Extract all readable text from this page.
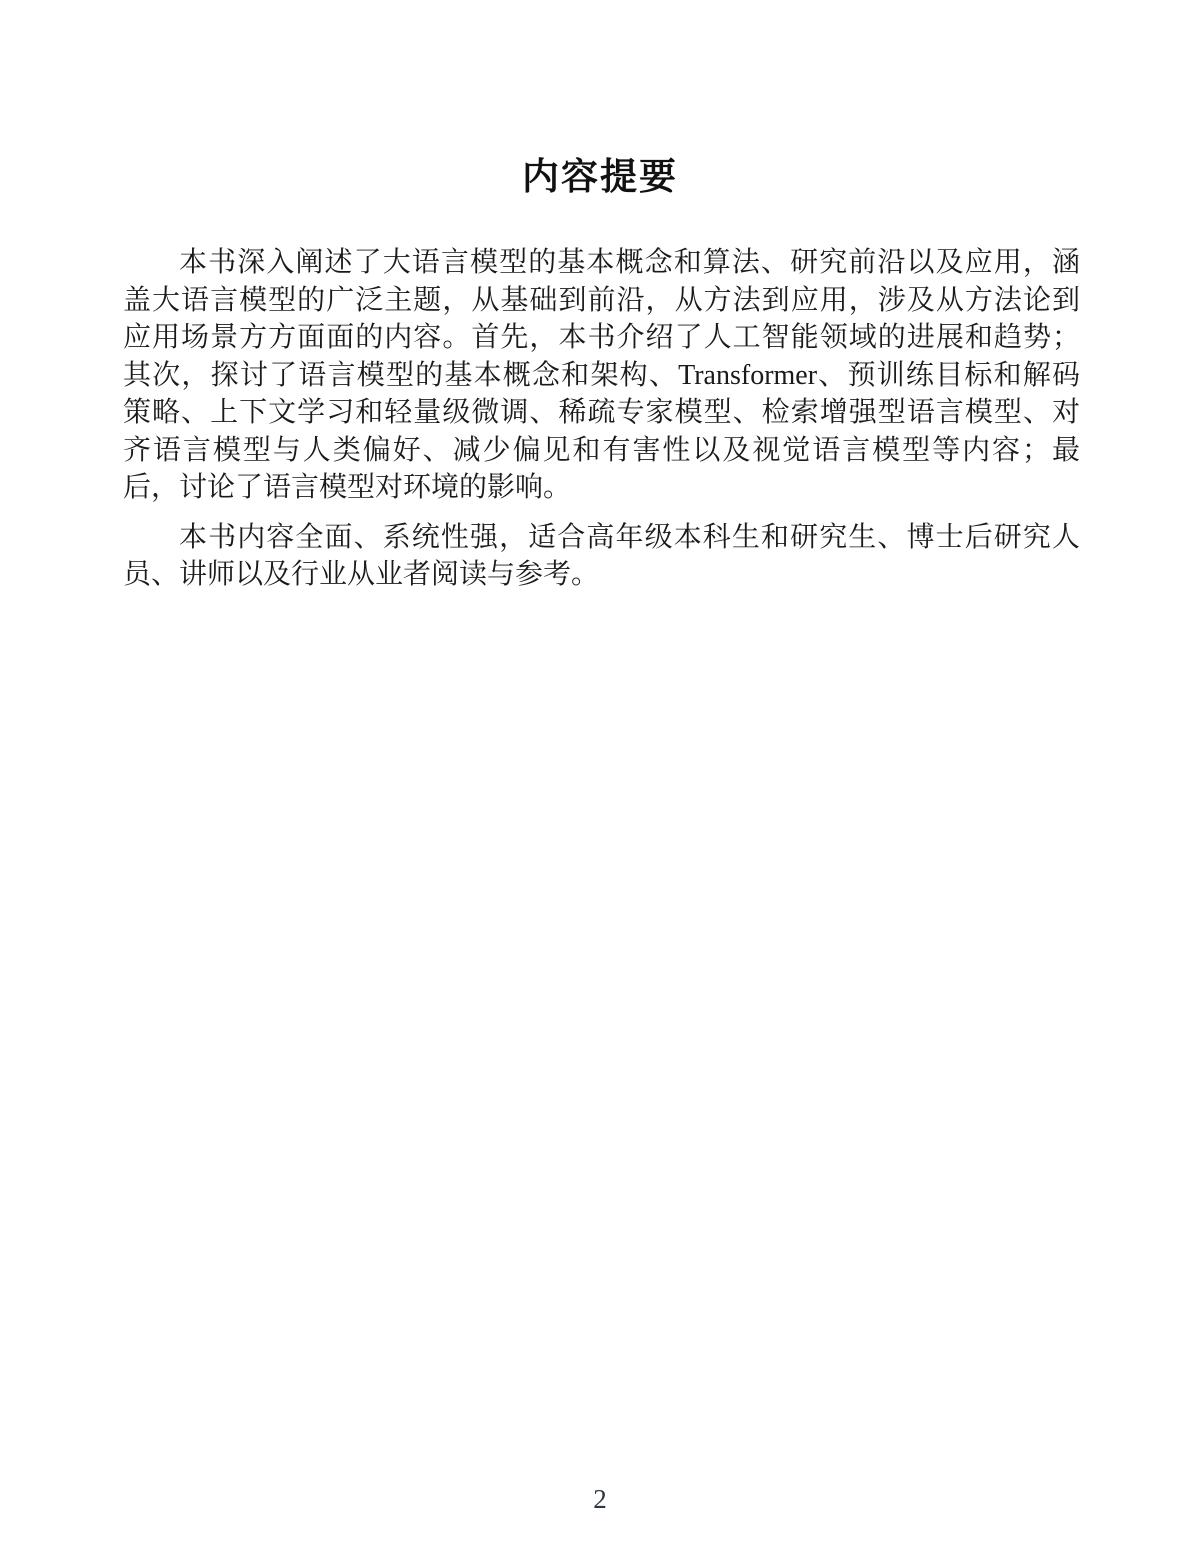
内容提要
本书深入阐述了大语言模型的基本概念和算法、研究前沿以及应用，涵
盖大语言模型的广泛主题，从基础到前沿，从方法到应用，涉及从方法论到
应用场景方方面面的内容。首先，本书介绍了人工智能领域的进展和趋势；
其次，探讨了语言模型的基本概念和架构、Transformer、预训练目标和解码
策略、上下文学习和轻量级微调、稀疏专家模型、检索增强型语言模型、对
齐语言模型与人类偏好、减少偏见和有害性以及视觉语言模型等内容；最
后，讨论了语言模型对环境的影响。
本书内容全面、系统性强，适合高年级本科生和研究生、博士后研究人
员、讲师以及行业从业者阅读与参考。
2
